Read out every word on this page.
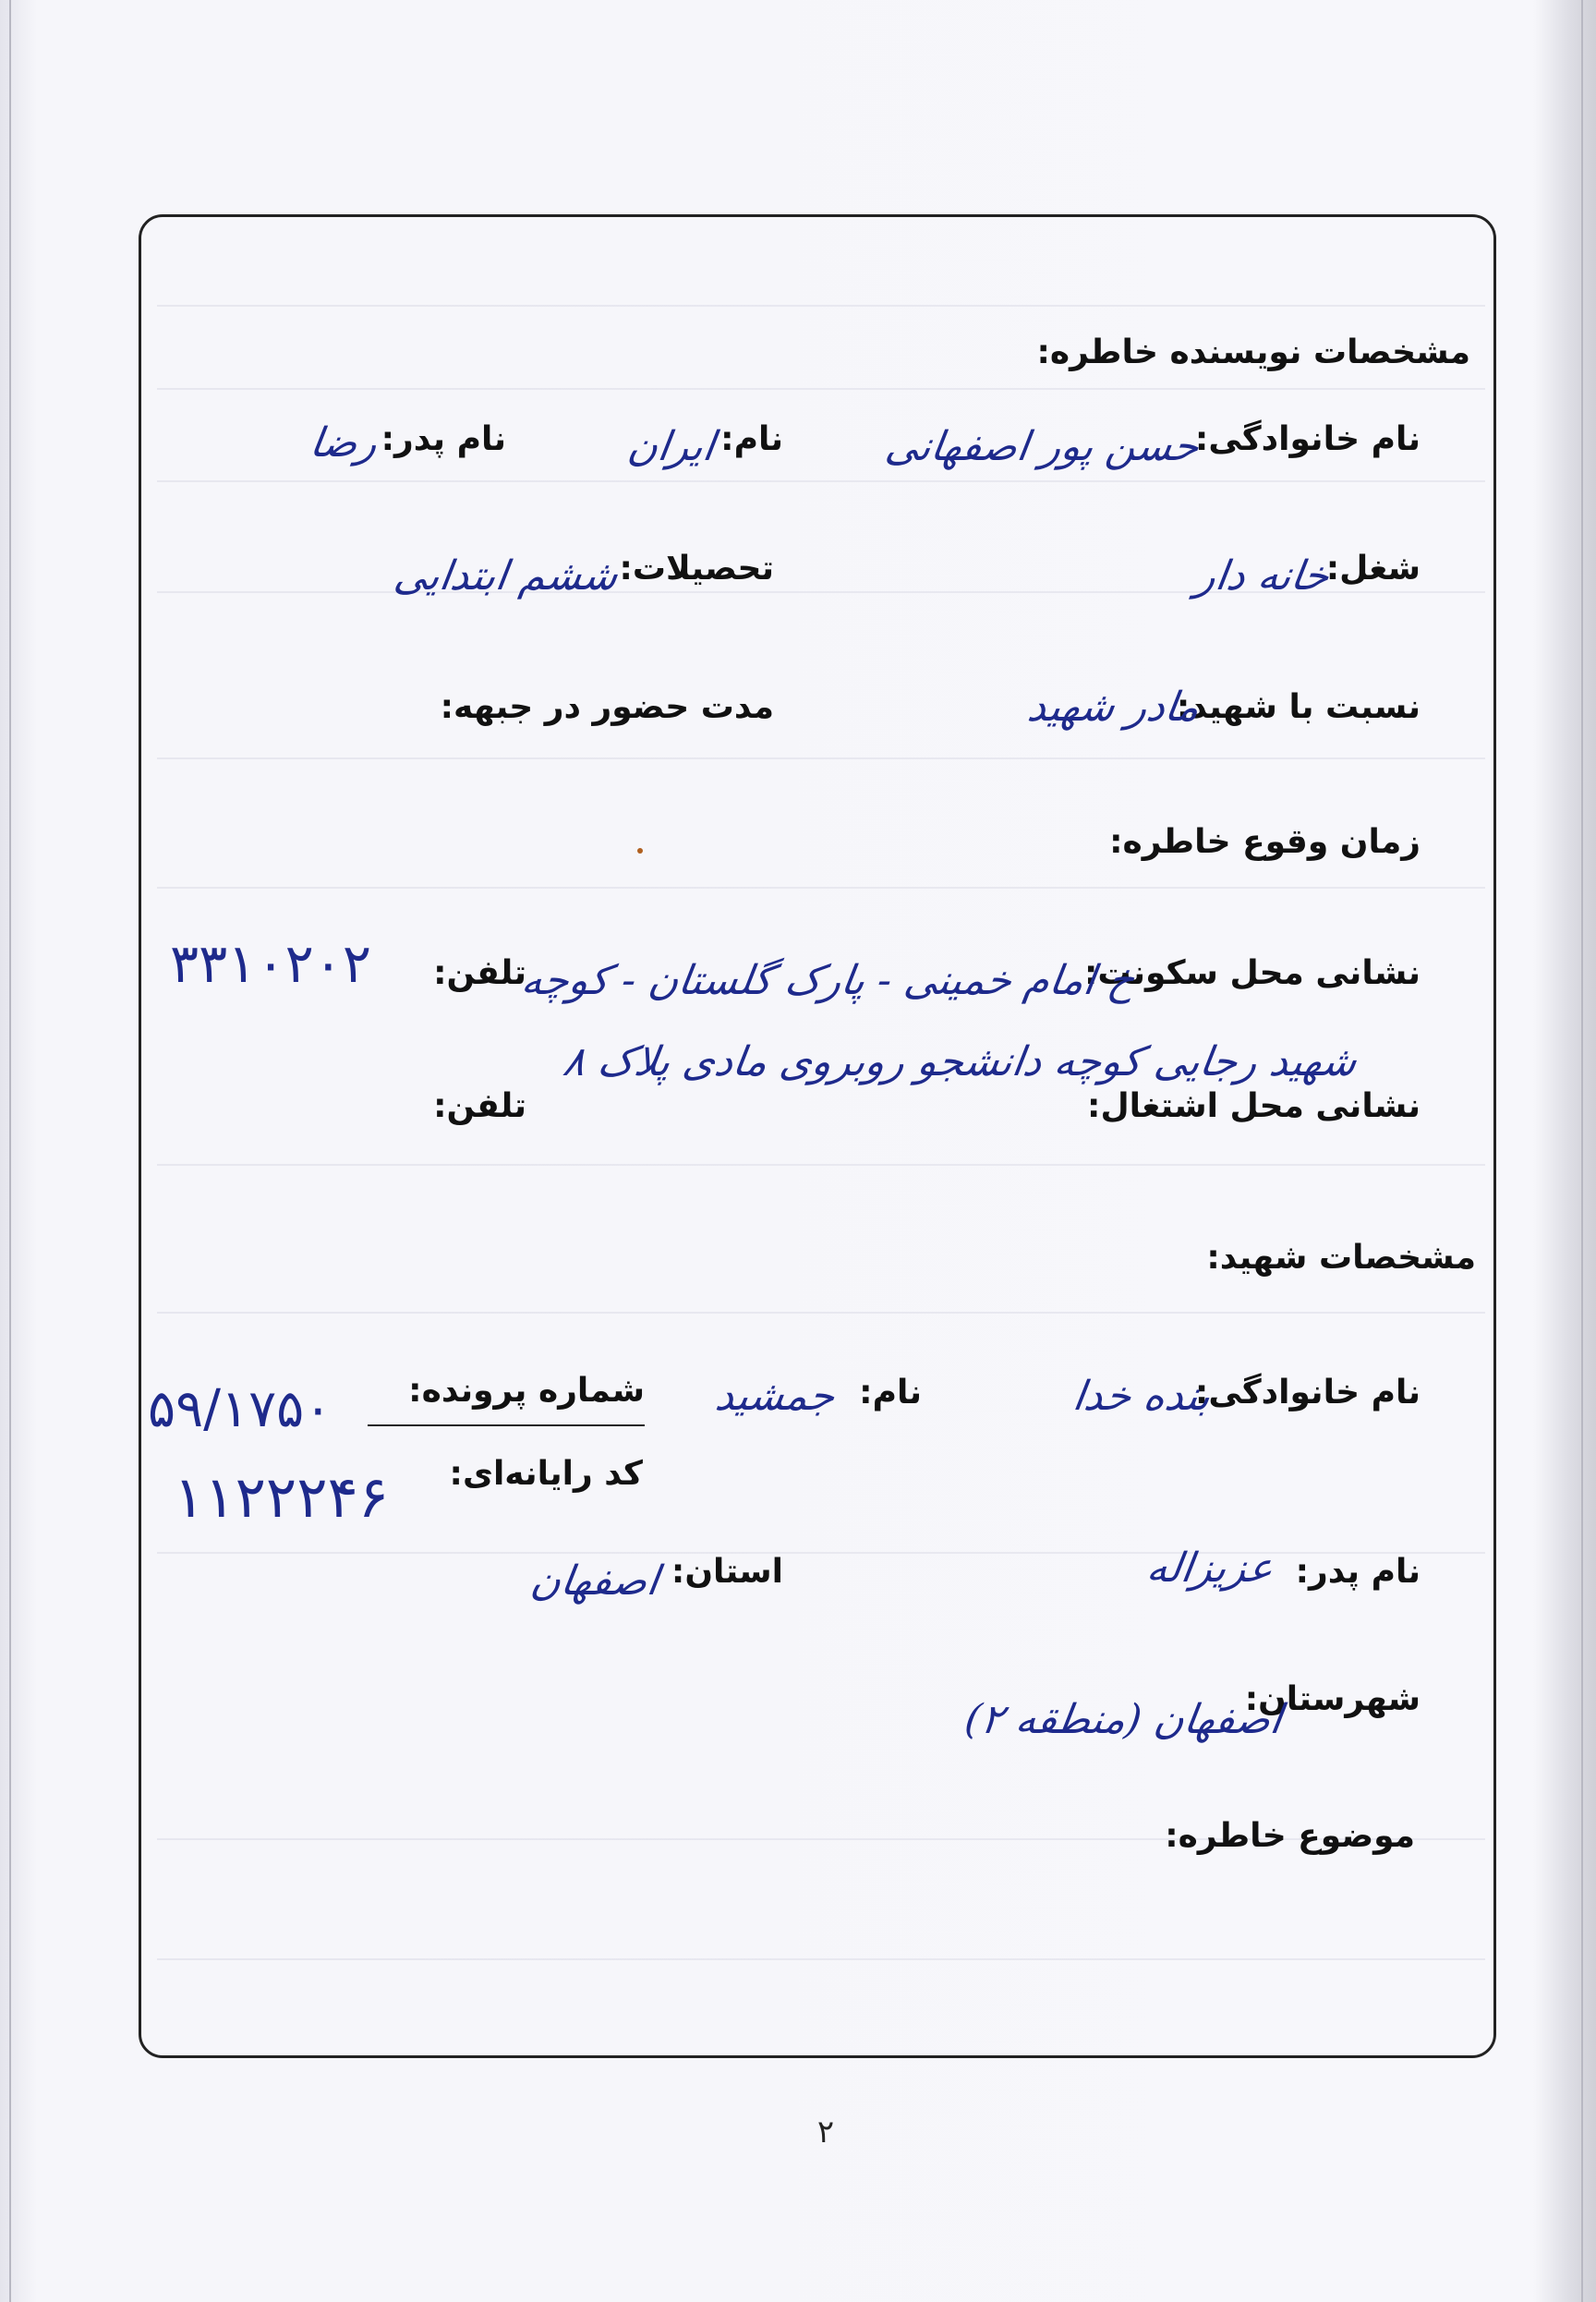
مشخصات نویسنده خاطره:
نام خانوادگی:
حسن پور اصفهانی
نام:
ایران
نام پدر:
رضا
شغل:
خانه دار
تحصیلات:
ششم ابتدایی
نسبت با شهید:
مادر شهید
مدت حضور در جبهه:
زمان وقوع خاطره:
نشانی محل سکونت:
خ امام خمینی - پارک گلستان - کوچه
تلفن:
۳۳۱۰۲۰۲
شهید رجایی کوچه دانشجو روبروی مادی پلاک ۸
نشانی محل اشتغال:
تلفن:
مشخصات شهید:
نام خانوادگی:
بنده خدا
نام:
جمشید
شماره پرونده:
۵۹/۱۷۵۰
کد رایانه‌ای:
۱۱۲۲۲۴۶
نام پدر:
عزیزاله
استان:
اصفهان
شهرستان:
اصفهان (منطقه ۲)
موضوع خاطره:
۲
